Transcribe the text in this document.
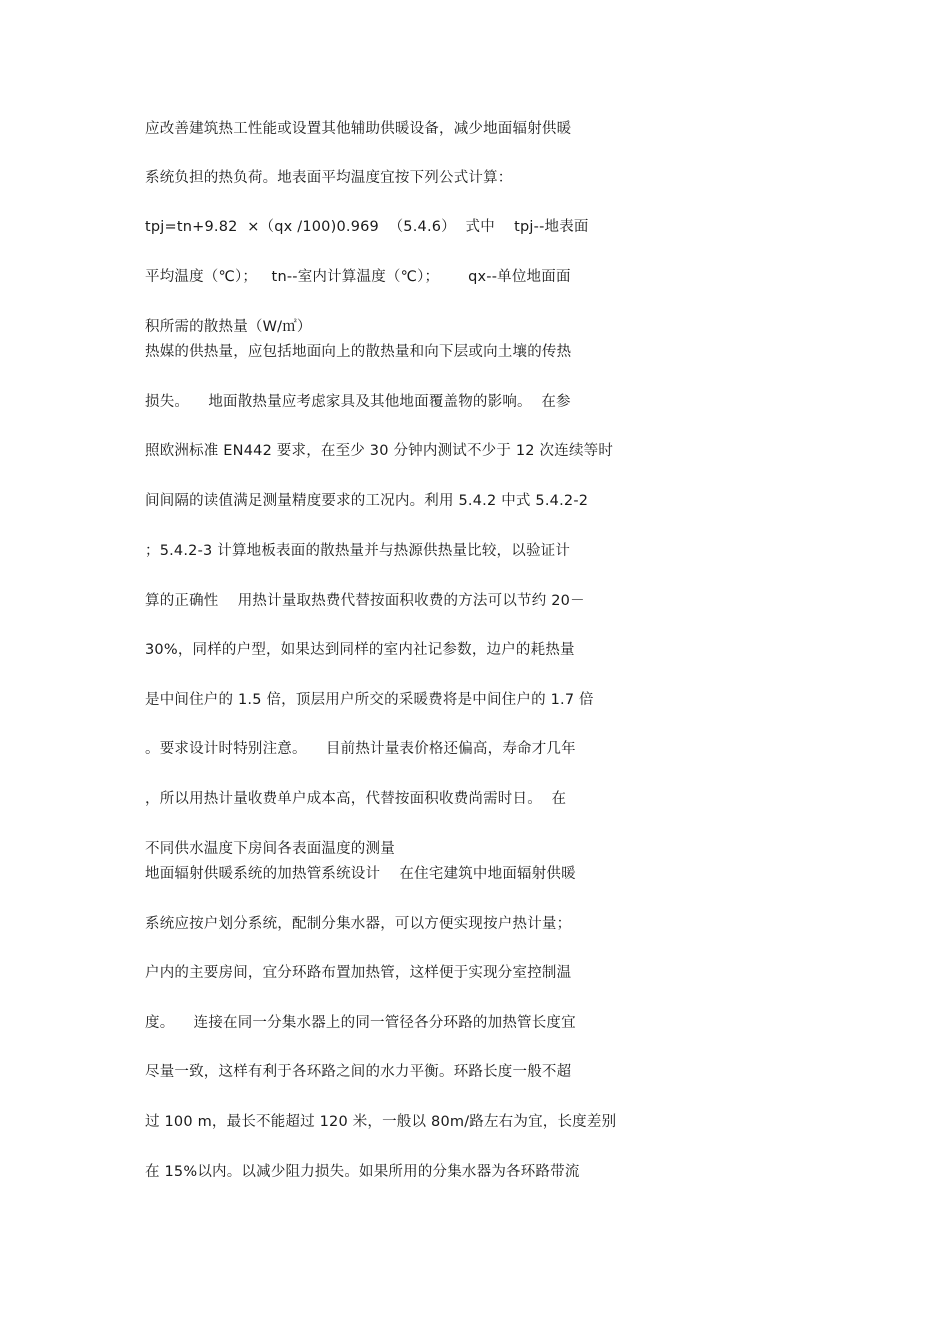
应改善建筑热工性能或设置其他辅助供暖设备，减少地面辐射供暖
系统负担的热负荷。地表面平均温度宜按下列公式计算：
tpj=tn+9.82  ×（qx /100)0.969  （5.4.6）  式中    tpj--地表面
平均温度（℃）；   tn--室内计算温度（℃）；      qx--单位地面面
积所需的散热量（W/㎡）
热媒的供热量，应包括地面向上的散热量和向下层或向土壤的传热
损失。    地面散热量应考虑家具及其他地面覆盖物的影响。  在参
照欧洲标准 EN442 要求，在至少 30 分钟内测试不少于 12 次连续等时
间间隔的读值满足测量精度要求的工况内。利用 5.4.2 中式 5.4.2-2
；5.4.2-3 计算地板表面的散热量并与热源供热量比较，以验证计
算的正确性    用热计量取热费代替按面积收费的方法可以节约 20－
30%，同样的户型，如果达到同样的室内社记参数，边户的耗热量
是中间住户的 1.5 倍，顶层用户所交的采暖费将是中间住户的 1.7 倍
。要求设计时特别注意。    目前热计量表价格还偏高，寿命才几年
，所以用热计量收费单户成本高，代替按面积收费尚需时日。  在
不同供水温度下房间各表面温度的测量
地面辐射供暖系统的加热管系统设计    在住宅建筑中地面辐射供暖
系统应按户划分系统，配制分集水器，可以方便实现按户热计量；
户内的主要房间，宜分环路布置加热管，这样便于实现分室控制温
度。    连接在同一分集水器上的同一管径各分环路的加热管长度宜
尽量一致，这样有利于各环路之间的水力平衡。环路长度一般不超
过 100 m，最长不能超过 120 米，一般以 80m/路左右为宜，长度差别
在 15%以内。以减少阻力损失。如果所用的分集水器为各环路带流
